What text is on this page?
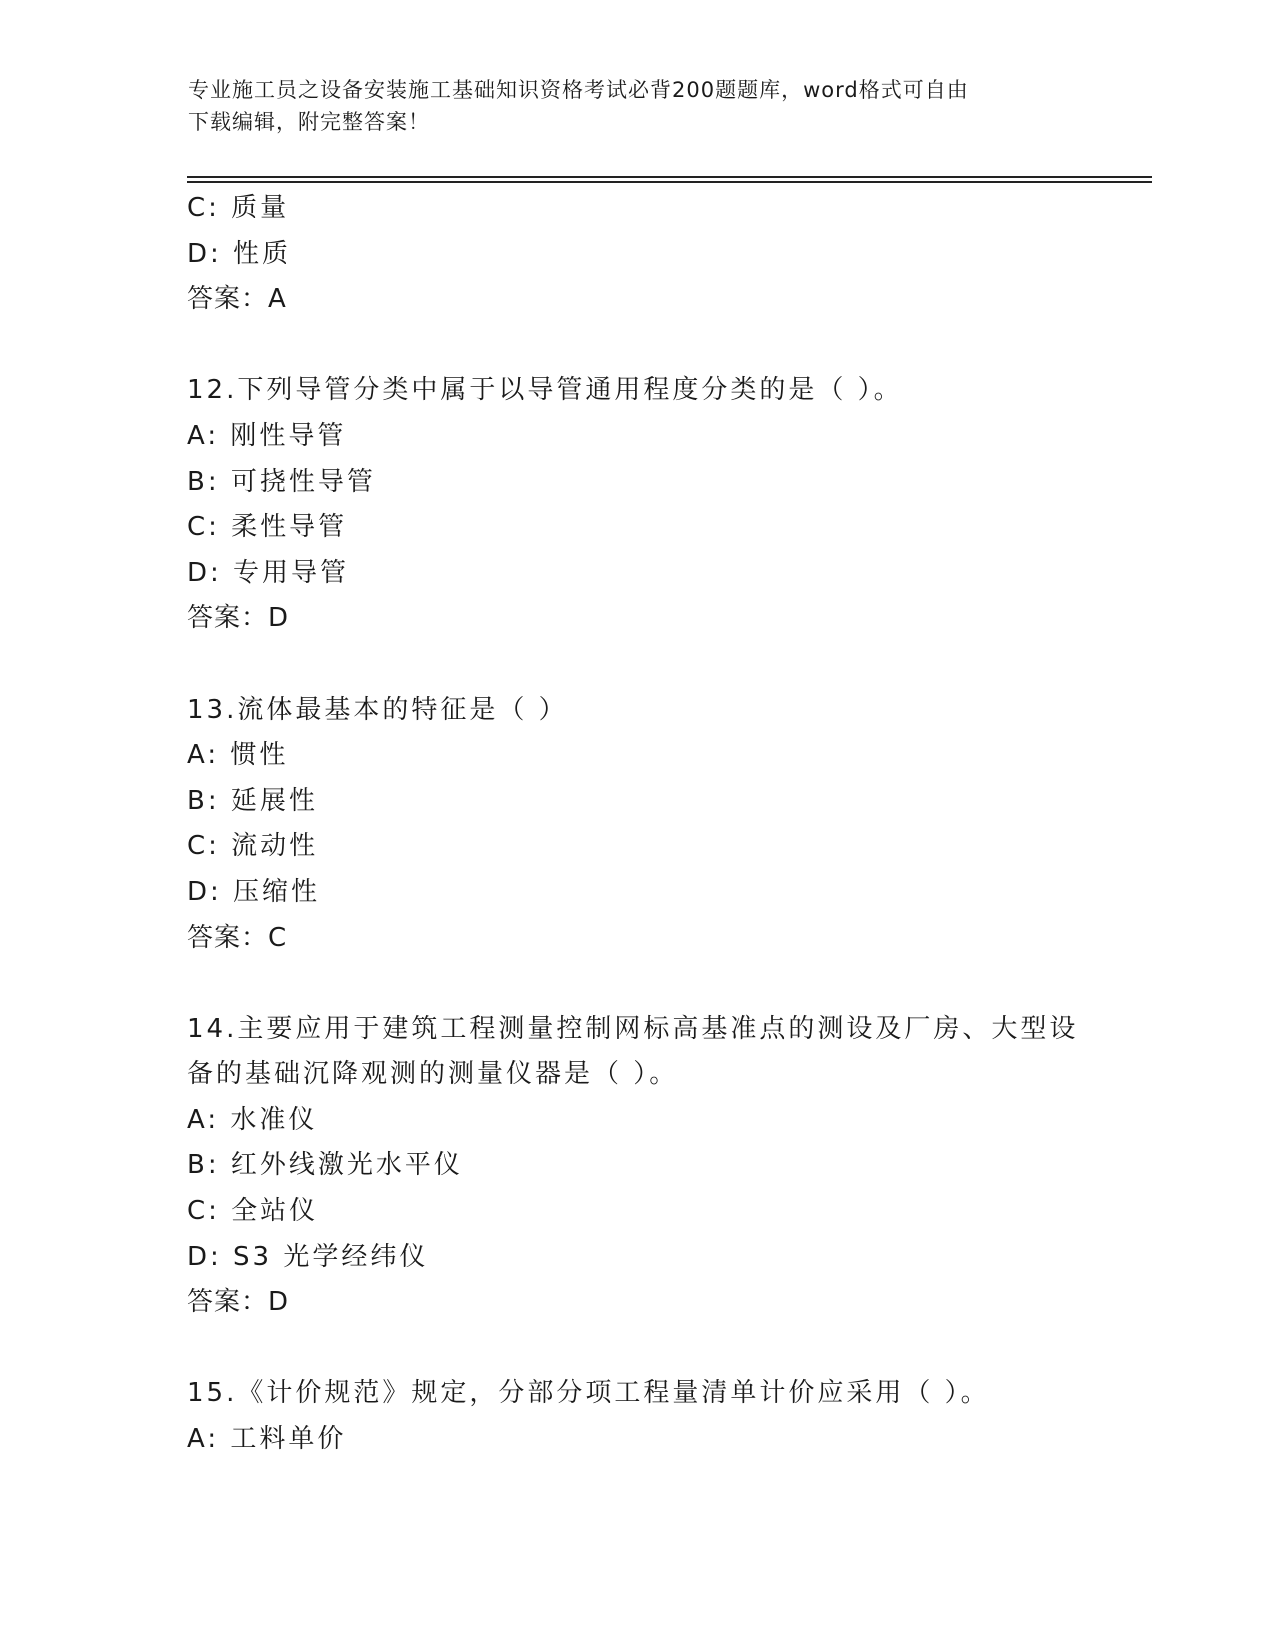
专业施工员之设备安装施工基础知识资格考试必背200题题库，word格式可自由
下载编辑，附完整答案！
C: 质量
D: 性质
答案：A
12.下列导管分类中属于以导管通用程度分类的是（ ）。
A: 刚性导管
B: 可挠性导管
C: 柔性导管
D: 专用导管
答案：D
13.流体最基本的特征是（ ）
A: 惯性
B: 延展性
C: 流动性
D: 压缩性
答案：C
14.主要应用于建筑工程测量控制网标高基准点的测设及厂房、大型设
备的基础沉降观测的测量仪器是（ ）。
A: 水准仪
B: 红外线激光水平仪
C: 全站仪
D: S3 光学经纬仪
答案：D
15.《计价规范》规定，分部分项工程量清单计价应采用（ ）。
A: 工料单价
